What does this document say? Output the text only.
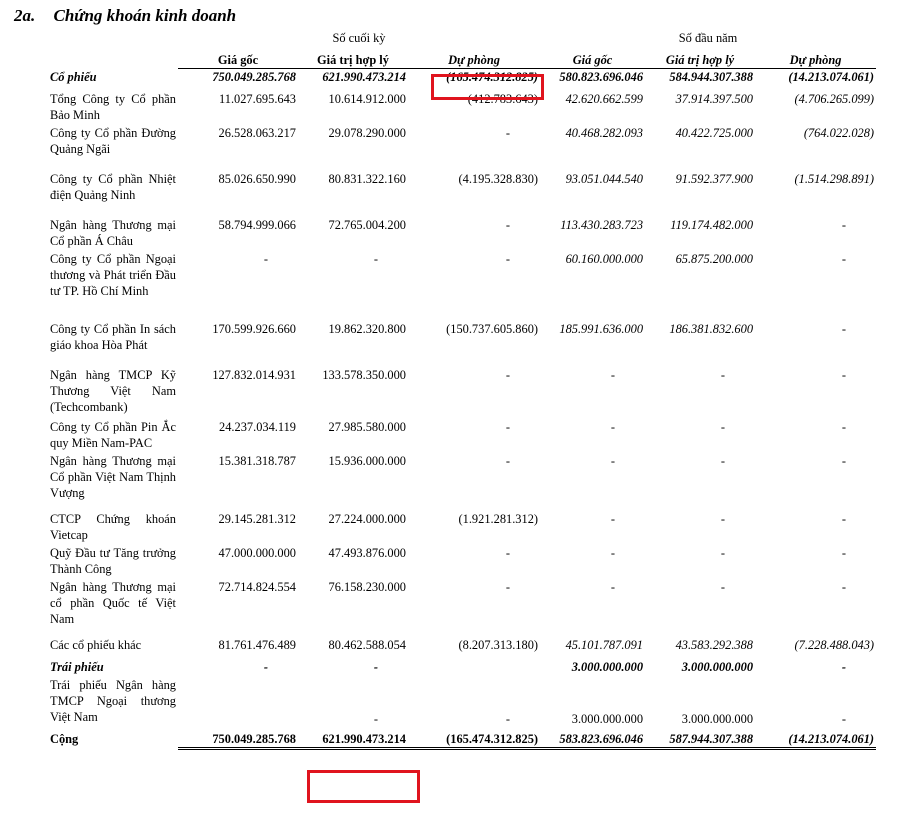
2a. Chứng khoán kinh doanh
	Số cuối kỳ			Số đầu năm		
	Giá gốc	Giá trị hợp lý	Dự phòng	Giá gốc	Giá trị hợp lý	Dự phòng
Cổ phiếu	750.049.285.768	621.990.473.214	(165.474.312.825)	580.823.696.046	584.944.307.388	(14.213.074.061)
Tổng Công ty Cổ phần Bảo Minh	11.027.695.643	10.614.912.000	(412.783.643)	42.620.662.599	37.914.397.500	(4.706.265.099)
Công ty Cổ phần Đường Quảng Ngãi	26.528.063.217	29.078.290.000	-	40.468.282.093	40.422.725.000	(764.022.028)
Công ty Cổ phần Nhiệt điện Quảng Ninh	85.026.650.990	80.831.322.160	(4.195.328.830)	93.051.044.540	91.592.377.900	(1.514.298.891)
Ngân hàng Thương mại Cổ phần Á Châu	58.794.999.066	72.765.004.200	-	113.430.283.723	119.174.482.000	-
Công ty Cổ phần Ngoại thương và Phát triển Đầu tư TP. Hồ Chí Minh	-	-	-	60.160.000.000	65.875.200.000	-
Công ty Cổ phần In sách giáo khoa Hòa Phát	170.599.926.660	19.862.320.800	(150.737.605.860)	185.991.636.000	186.381.832.600	-
Ngân hàng TMCP Kỹ Thương Việt Nam (Techcombank)	127.832.014.931	133.578.350.000	-	-	-	-
Công ty Cổ phần Pin Ắc quy Miền Nam-PAC	24.237.034.119	27.985.580.000	-	-	-	-
Ngân hàng Thương mại Cổ phần Việt Nam Thịnh Vượng	15.381.318.787	15.936.000.000	-	-	-	-
CTCP Chứng khoán Vietcap	29.145.281.312	27.224.000.000	(1.921.281.312)	-	-	-
Quỹ Đầu tư Tăng trưởng Thành Công	47.000.000.000	47.493.876.000	-	-	-	-
Ngân hàng Thương mại cổ phần Quốc tế Việt Nam	72.714.824.554	76.158.230.000	-	-	-	-
Các cổ phiếu khác	81.761.476.489	80.462.588.054	(8.207.313.180)	45.101.787.091	43.583.292.388	(7.228.488.043)
Trái phiếu	-	-		3.000.000.000	3.000.000.000	-
Trái phiếu Ngân hàng TMCP Ngoại thương Việt Nam		-	-	3.000.000.000	3.000.000.000	-
Cộng	750.049.285.768	621.990.473.214	(165.474.312.825)	583.823.696.046	587.944.307.388	(14.213.074.061)
